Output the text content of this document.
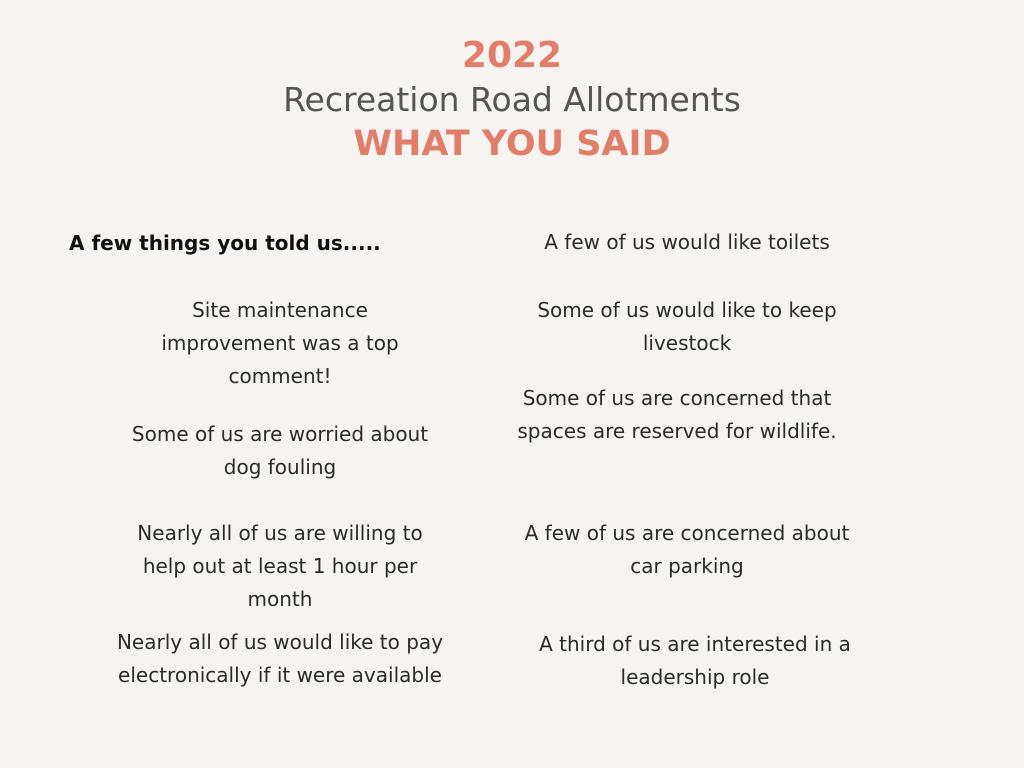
2022
Recreation Road Allotments
WHAT YOU SAID
A few things you told us.....
Site maintenance improvement was a top comment!
Some of us are worried about dog fouling
Nearly all of us are willing to help out at least 1 hour per month
Nearly all of us would like to pay electronically if it were available
A few of us would like toilets
Some of us would like to keep livestock
Some of us are concerned that spaces are reserved for wildlife.
A few of us are concerned about car parking
A third of us are interested in a leadership role
